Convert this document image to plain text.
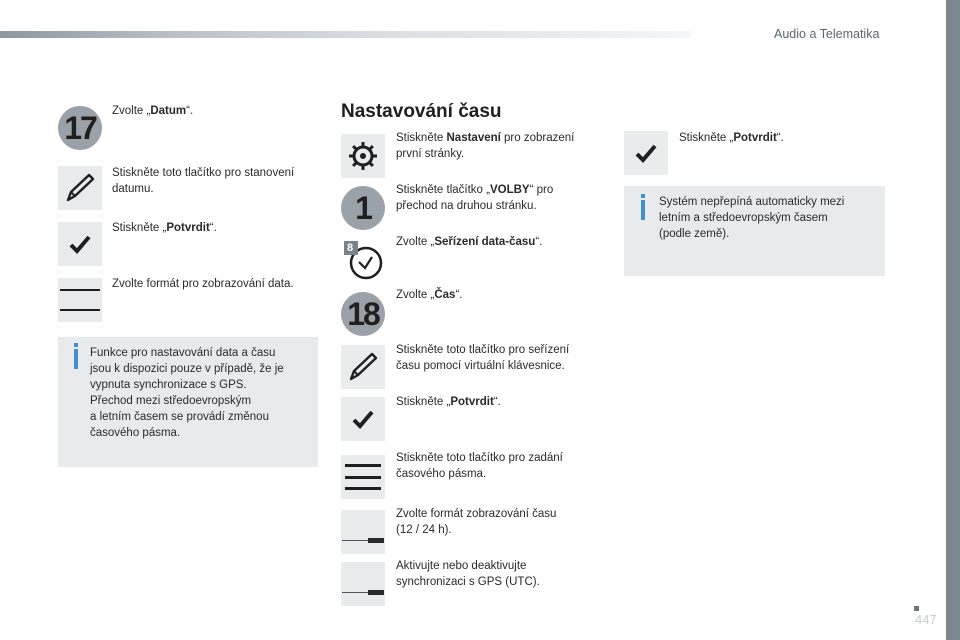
Audio a Telematika
17	Zvolte „Datum“.
Stiskněte toto tlačítko pro stanovení datumu.
Stiskněte „Potvrdit“.
Zvolte formát pro zobrazování data.
Funkce pro nastavování data a času
jsou k dispozici pouze v případě, že je
vypnuta synchronizace s GPS.
Přechod mezi středoevropským
a letním časem se provádí změnou
časového pásma.
Nastavování času
Stiskněte Nastavení pro zobrazení
první stránky.
1	Stiskněte tlačítko „VOLBY“ pro
přechod na druhou stránku.
8	Zvolte „Seřízení data-času“.
18
Zvolte „Čas“.
Stiskněte toto tlačítko pro seřízení
času pomocí virtuální klávesnice.
Stiskněte „Potvrdit“.
Stiskněte toto tlačítko pro zadání
časového pásma.
Zvolte formát zobrazování času
(12 / 24 h).
Aktivujte nebo deaktivujte
synchronizaci s GPS (UTC).
Stiskněte „Potvrdit“.
Systém nepřepíná automaticky mezi
letním a středoevropským časem
(podle země).
447
